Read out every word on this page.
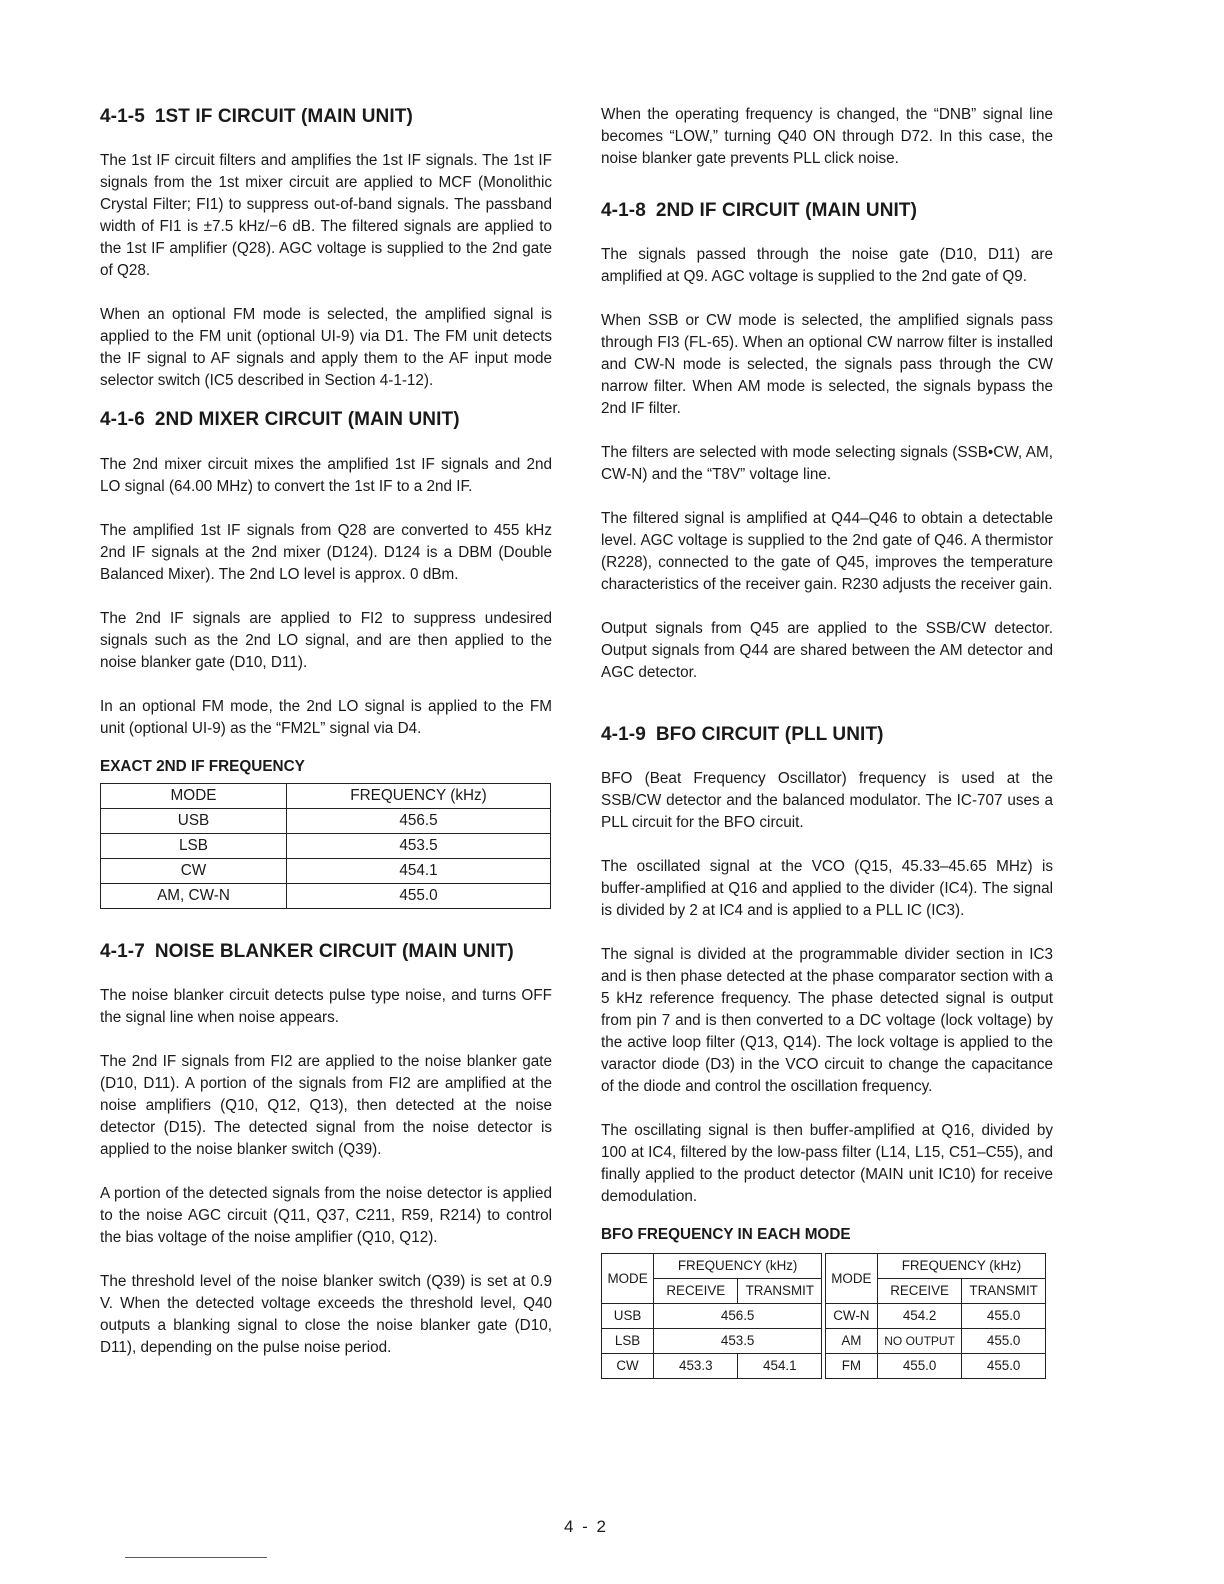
4-1-5 1ST IF CIRCUIT (MAIN UNIT)

The 1st IF circuit filters and amplifies the 1st IF signals. The 1st IF signals from the 1st mixer circuit are applied to MCF (Monolithic Crystal Filter; FI1) to suppress out-of-band signals. The passband width of FI1 is ±7.5 kHz/−6 dB. The filtered signals are applied to the 1st IF amplifier (Q28). AGC voltage is supplied to the 2nd gate of Q28.

When an optional FM mode is selected, the amplified signal is applied to the FM unit (optional UI-9) via D1. The FM unit detects the IF signal to AF signals and apply them to the AF input mode selector switch (IC5 described in Section 4-1-12).

4-1-6 2ND MIXER CIRCUIT (MAIN UNIT)

The 2nd mixer circuit mixes the amplified 1st IF signals and 2nd LO signal (64.00 MHz) to convert the 1st IF to a 2nd IF.

The amplified 1st IF signals from Q28 are converted to 455 kHz 2nd IF signals at the 2nd mixer (D124). D124 is a DBM (Double Balanced Mixer). The 2nd LO level is approx. 0 dBm.

The 2nd IF signals are applied to FI2 to suppress undesired signals such as the 2nd LO signal, and are then applied to the noise blanker gate (D10, D11).

In an optional FM mode, the 2nd LO signal is applied to the FM unit (optional UI-9) as the “FM2L” signal via D4.

EXACT 2ND IF FREQUENCY
MODE	FREQUENCY (kHz)
USB	456.5
LSB	453.5
CW	454.1
AM, CW-N	455.0
4-1-7 NOISE BLANKER CIRCUIT (MAIN UNIT)

The noise blanker circuit detects pulse type noise, and turns OFF the signal line when noise appears.

The 2nd IF signals from FI2 are applied to the noise blanker gate (D10, D11). A portion of the signals from FI2 are amplified at the noise amplifiers (Q10, Q12, Q13), then detected at the noise detector (D15). The detected signal from the noise detector is applied to the noise blanker switch (Q39).

A portion of the detected signals from the noise detector is applied to the noise AGC circuit (Q11, Q37, C211, R59, R214) to control the bias voltage of the noise amplifier (Q10, Q12).

The threshold level of the noise blanker switch (Q39) is set at 0.9 V. When the detected voltage exceeds the threshold level, Q40 outputs a blanking signal to close the noise blanker gate (D10, D11), depending on the pulse noise period.

When the operating frequency is changed, the “DNB” signal line becomes “LOW,” turning Q40 ON through D72. In this case, the noise blanker gate prevents PLL click noise.

4-1-8 2ND IF CIRCUIT (MAIN UNIT)

The signals passed through the noise gate (D10, D11) are amplified at Q9. AGC voltage is supplied to the 2nd gate of Q9.

When SSB or CW mode is selected, the amplified signals pass through FI3 (FL-65). When an optional CW narrow filter is installed and CW-N mode is selected, the signals pass through the CW narrow filter. When AM mode is selected, the signals bypass the 2nd IF filter.

The filters are selected with mode selecting signals (SSB•CW, AM, CW-N) and the “T8V” voltage line.

The filtered signal is amplified at Q44–Q46 to obtain a detectable level. AGC voltage is supplied to the 2nd gate of Q46. A thermistor (R228), connected to the gate of Q45, improves the temperature characteristics of the receiver gain. R230 adjusts the receiver gain.

Output signals from Q45 are applied to the SSB/CW detector. Output signals from Q44 are shared between the AM detector and AGC detector.

4-1-9 BFO CIRCUIT (PLL UNIT)

BFO (Beat Frequency Oscillator) frequency is used at the SSB/CW detector and the balanced modulator. The IC-707 uses a PLL circuit for the BFO circuit.

The oscillated signal at the VCO (Q15, 45.33–45.65 MHz) is buffer-amplified at Q16 and applied to the divider (IC4). The signal is divided by 2 at IC4 and is applied to a PLL IC (IC3).

The signal is divided at the programmable divider section in IC3 and is then phase detected at the phase comparator section with a 5 kHz reference frequency. The phase detected signal is output from pin 7 and is then converted to a DC voltage (lock voltage) by the active loop filter (Q13, Q14). The lock voltage is applied to the varactor diode (D3) in the VCO circuit to change the capacitance of the diode and control the oscillation frequency.

The oscillating signal is then buffer-amplified at Q16, divided by 100 at IC4, filtered by the low-pass filter (L14, L15, C51–C55), and finally applied to the product detector (MAIN unit IC10) for receive demodulation.

BFO FREQUENCY IN EACH MODE
MODE	FREQUENCY (kHz)			MODE	FREQUENCY (kHz)	
	RECEIVE	TRANSMIT			RECEIVE	TRANSMIT
USB	456.5			CW-N	454.2	455.0
LSB	453.5			AM	NO OUTPUT	455.0
CW	453.3	454.1		FM	455.0	455.0
4 - 2
